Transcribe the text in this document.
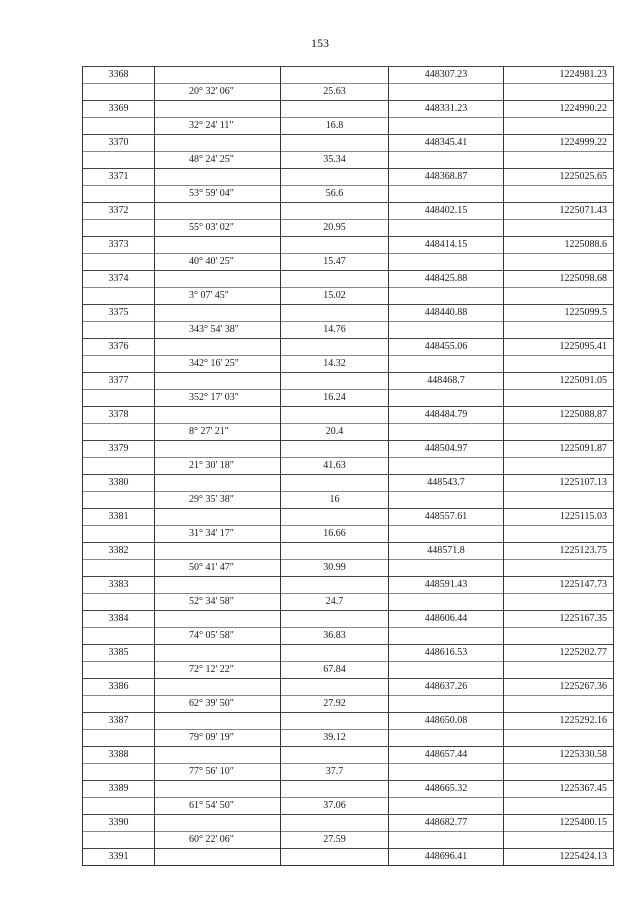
153
3368			448307.23	1224981.23
	20° 32' 06"	25.63		
3369			448331.23	1224990.22
	32° 24' 11"	16.8		
3370			448345.41	1224999.22
	48° 24' 25"	35.34		
3371			448368.87	1225025.65
	53° 59' 04"	56.6		
3372			448402.15	1225071.43
	55° 03' 02"	20.95		
3373			448414.15	1225088.6
	40° 40' 25"	15.47		
3374			448425.88	1225098.68
	3° 07' 45"	15.02		
3375			448440.88	1225099.5
	343° 54' 38"	14.76		
3376			448455.06	1225095.41
	342° 16' 25"	14.32		
3377			448468.7	1225091.05
	352° 17' 03"	16.24		
3378			448484.79	1225088.87
	8° 27' 21"	20.4		
3379			448504.97	1225091.87
	21° 30' 18"	41.63		
3380			448543.7	1225107.13
	29° 35' 38"	16		
3381			448557.61	1225115.03
	31° 34' 17"	16.66		
3382			448571.8	1225123.75
	50° 41' 47"	30.99		
3383			448591.43	1225147.73
	52° 34' 58"	24.7		
3384			448606.44	1225167.35
	74° 05' 58"	36.83		
3385			448616.53	1225202.77
	72° 12' 22"	67.84		
3386			448637.26	1225267.36
	62° 39' 50"	27.92		
3387			448650.08	1225292.16
	79° 09' 19"	39.12		
3388			448657.44	1225330.58
	77° 56' 10"	37.7		
3389			448665.32	1225367.45
	61° 54' 50"	37.06		
3390			448682.77	1225400.15
	60° 22' 06"	27.59		
3391			448696.41	1225424.13
